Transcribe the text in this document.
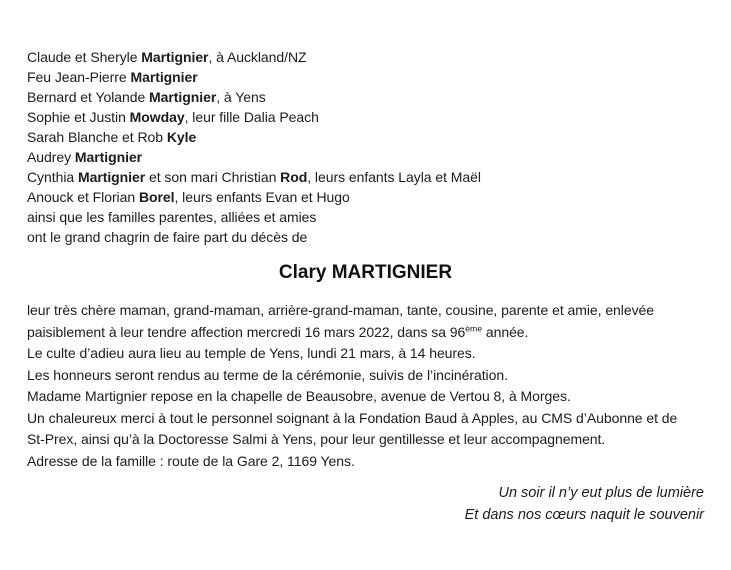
Claude et Sheryle Martignier, à Auckland/NZ
Feu Jean-Pierre Martignier
Bernard et Yolande Martignier, à Yens
Sophie et Justin Mowday, leur fille Dalia Peach
Sarah Blanche et Rob Kyle
Audrey Martignier
Cynthia Martignier et son mari Christian Rod, leurs enfants Layla et Maël
Anouck et Florian Borel, leurs enfants Evan et Hugo
ainsi que les familles parentes, alliées et amies
ont le grand chagrin de faire part du décès de
Clary MARTIGNIER
leur très chère maman, grand-maman, arrière-grand-maman, tante, cousine, parente et amie, enlevée
paisiblement à leur tendre affection mercredi 16 mars 2022, dans sa 96ème année.
Le culte d’adieu aura lieu au temple de Yens, lundi 21 mars, à 14 heures.
Les honneurs seront rendus au terme de la cérémonie, suivis de l’incinération.
Madame Martignier repose en la chapelle de Beausobre, avenue de Vertou 8, à Morges.
Un chaleureux merci à tout le personnel soignant à la Fondation Baud à Apples, au CMS d’Aubonne et de
St-Prex, ainsi qu’à la Doctoresse Salmi à Yens, pour leur gentillesse et leur accompagnement.
Adresse de la famille : route de la Gare 2, 1169 Yens.
Un soir il n’y eut plus de lumière
Et dans nos cœurs naquit le souvenir
